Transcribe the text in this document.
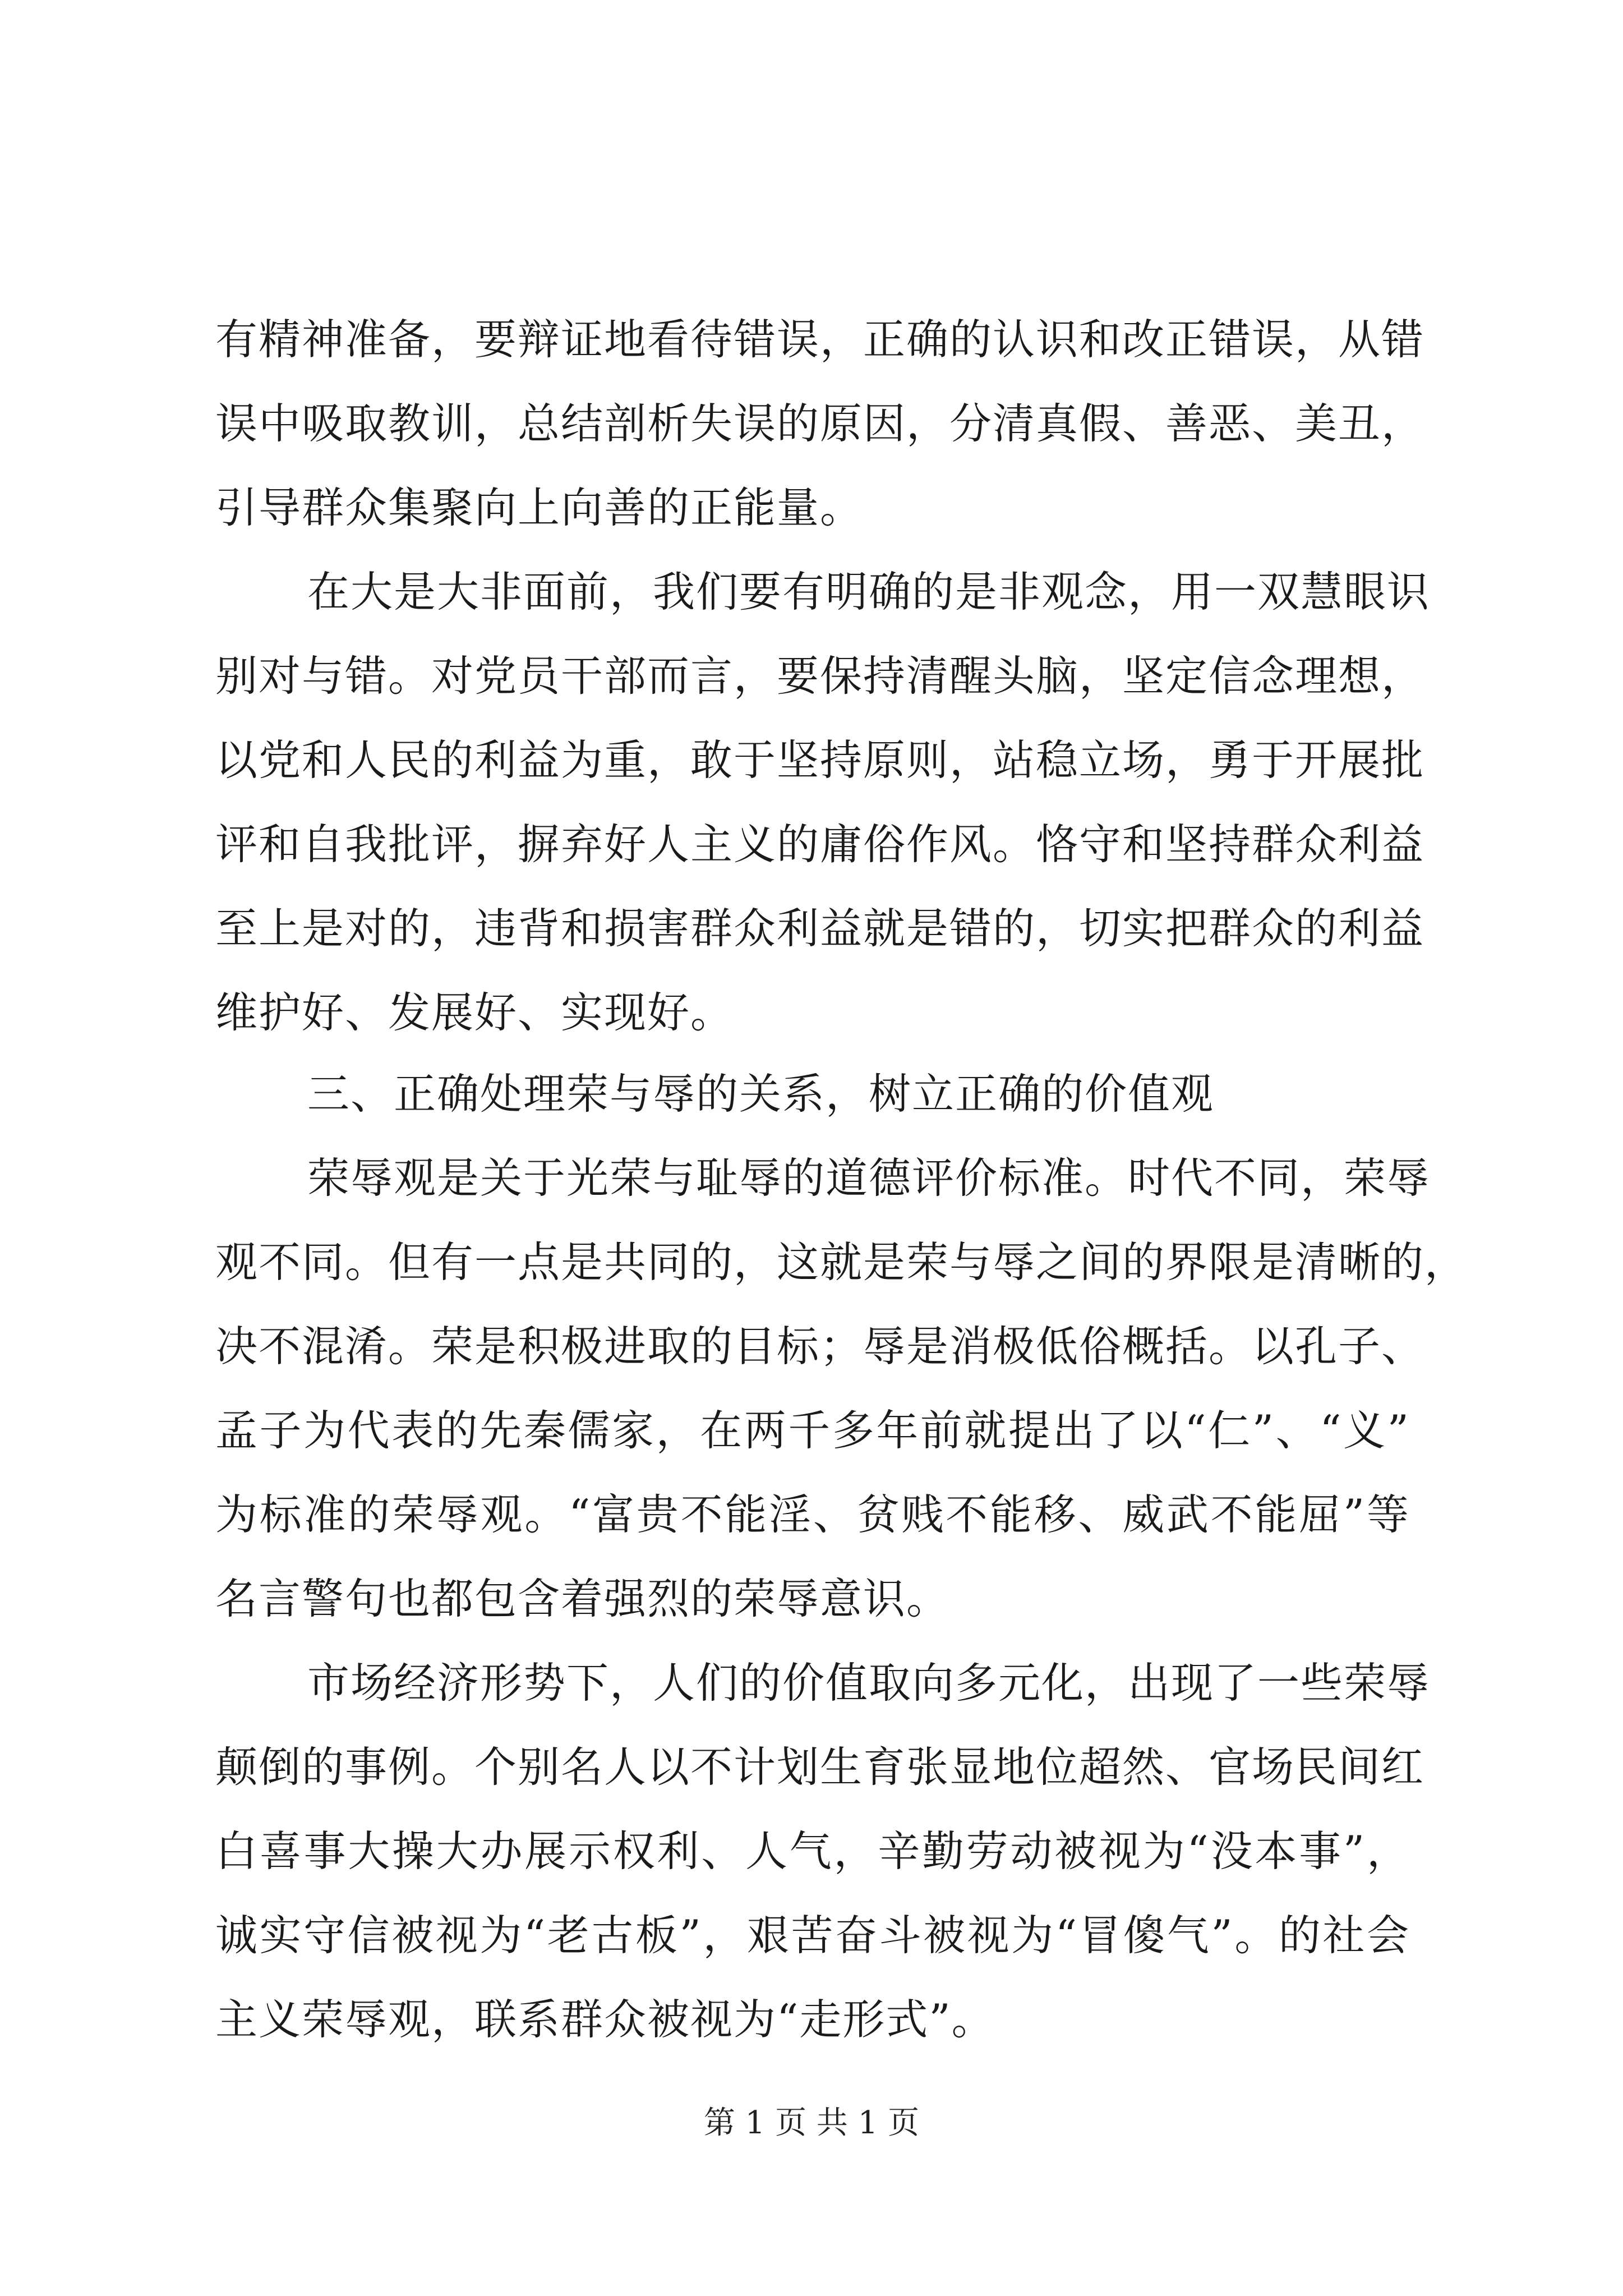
有精神准备，要辩证地看待错误，正确的认识和改正错误，从错
误中吸取教训，总结剖析失误的原因，分清真假、善恶、美丑，
引导群众集聚向上向善的正能量。
在大是大非面前，我们要有明确的是非观念，用一双慧眼识
别对与错。对党员干部而言，要保持清醒头脑，坚定信念理想，
以党和人民的利益为重，敢于坚持原则，站稳立场，勇于开展批
评和自我批评，摒弃好人主义的庸俗作风。恪守和坚持群众利益
至上是对的，违背和损害群众利益就是错的，切实把群众的利益
维护好、发展好、实现好。
三、正确处理荣与辱的关系，树立正确的价值观
荣辱观是关于光荣与耻辱的道德评价标准。时代不同，荣辱
观不同。但有一点是共同的，这就是荣与辱之间的界限是清晰的，
决不混淆。荣是积极进取的目标；辱是消极低俗概括。以孔子、
孟子为代表的先秦儒家，在两千多年前就提出了以“仁”、“义”
为标准的荣辱观。“富贵不能淫、贫贱不能移、威武不能屈”等
名言警句也都包含着强烈的荣辱意识。
市场经济形势下，人们的价值取向多元化，出现了一些荣辱
颠倒的事例。个别名人以不计划生育张显地位超然、官场民间红
白喜事大操大办展示权利、人气，辛勤劳动被视为“没本事”，
诚实守信被视为“老古板”，艰苦奋斗被视为“冒傻气”。的社会
主义荣辱观，联系群众被视为“走形式”。
第 1 页 共 1 页
